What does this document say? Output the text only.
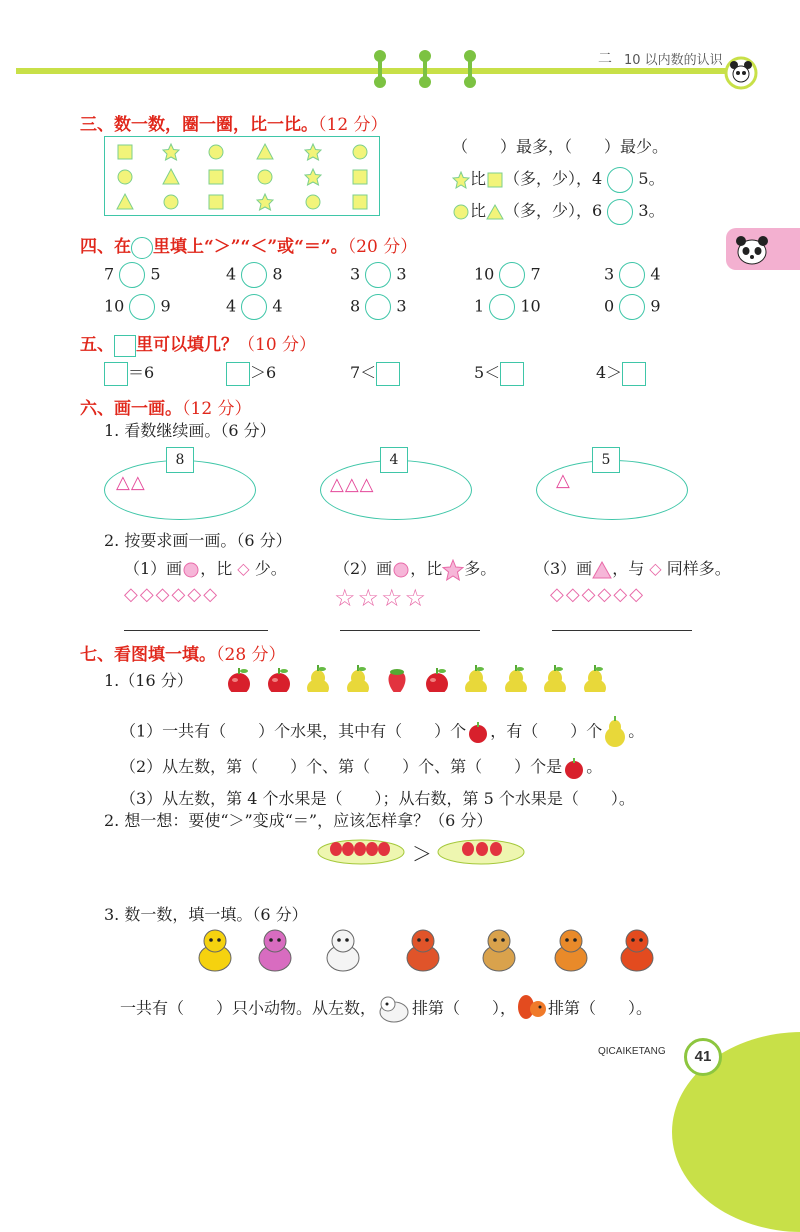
二 10 以内数的认识
三、数一数，圈一圈，比一比。（12 分）
（　　）最多，（　　）最少。
比 （多，少），4 5。
比 （多，少），6 3。
四、在 里填上“＞”“＜”或“＝”。（20 分）
7 5	4 8	3 3	10 7	3 4
10 9	4 4	8 3	1 10	0 9
五、 里可以填几？（10 分）
＝6	＞6	7＜	5＜	4＞
六、画一画。（12 分）
1. 看数继续画。（6 分）
8
△△
4
△△△
5
△
2. 按要求画一画。（6 分）
（1）画 ，比 ◇ 少。
◇◇◇◇◇◇
（2）画 ，比 多。
☆☆☆☆
（3）画 ，与 ◇ 同样多。
◇◇◇◇◇◇
七、看图填一填。（28 分）
1.（16 分）
（1）一共有（　　）个水果，其中有（　　）个 ，有（　　）个 。
（2）从左数，第（　　）个、第（　　）个、第（　　）个是 。
（3）从左数，第 4 个水果是（　　）；从右数，第 5 个水果是（　　）。
2. 想一想：要使“＞”变成“＝”，应该怎样拿？（6 分）
＞
3. 数一数，填一填。（6 分）
一共有（　　）只小动物。从左数， 排第（　　）， 排第（　　）。
QICAIKETANG	41
